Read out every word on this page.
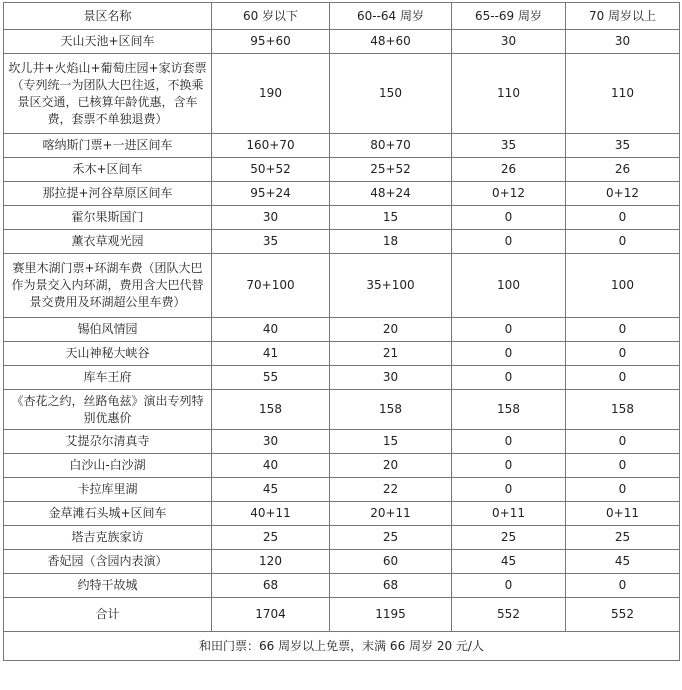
景区名称	60 岁以下	60--64 周岁	65--69 周岁	70 周岁以上
天山天池+区间车	95+60	48+60	30	30
坎儿井+火焰山+葡萄庄园+家访套票（专列统一为团队大巴往返，不换乘景区交通，已核算年龄优惠，含车费，套票不单独退费）	190	150	110	110
喀纳斯门票+一进区间车	160+70	80+70	35	35
禾木+区间车	50+52	25+52	26	26
那拉提+河谷草原区间车	95+24	48+24	0+12	0+12
霍尔果斯国门	30	15	0	0
薰衣草观光园	35	18	0	0
赛里木湖门票+环湖车费（团队大巴作为景交入内环湖，费用含大巴代替景交费用及环湖超公里车费）	70+100	35+100	100	100
锡伯风情园	40	20	0	0
天山神秘大峡谷	41	21	0	0
库车王府	55	30	0	0
《杏花之约，丝路龟兹》演出专列特别优惠价	158	158	158	158
艾提尕尔清真寺	30	15	0	0
白沙山-白沙湖	40	20	0	0
卡拉库里湖	45	22	0	0
金草滩石头城+区间车	40+11	20+11	0+11	0+11
塔吉克族家访	25	25	25	25
香妃园（含园内表演）	120	60	45	45
约特干故城	68	68	0	0
合计	1704	1195	552	552
和田门票：66 周岁以上免票，末满 66 周岁 20 元/人				
